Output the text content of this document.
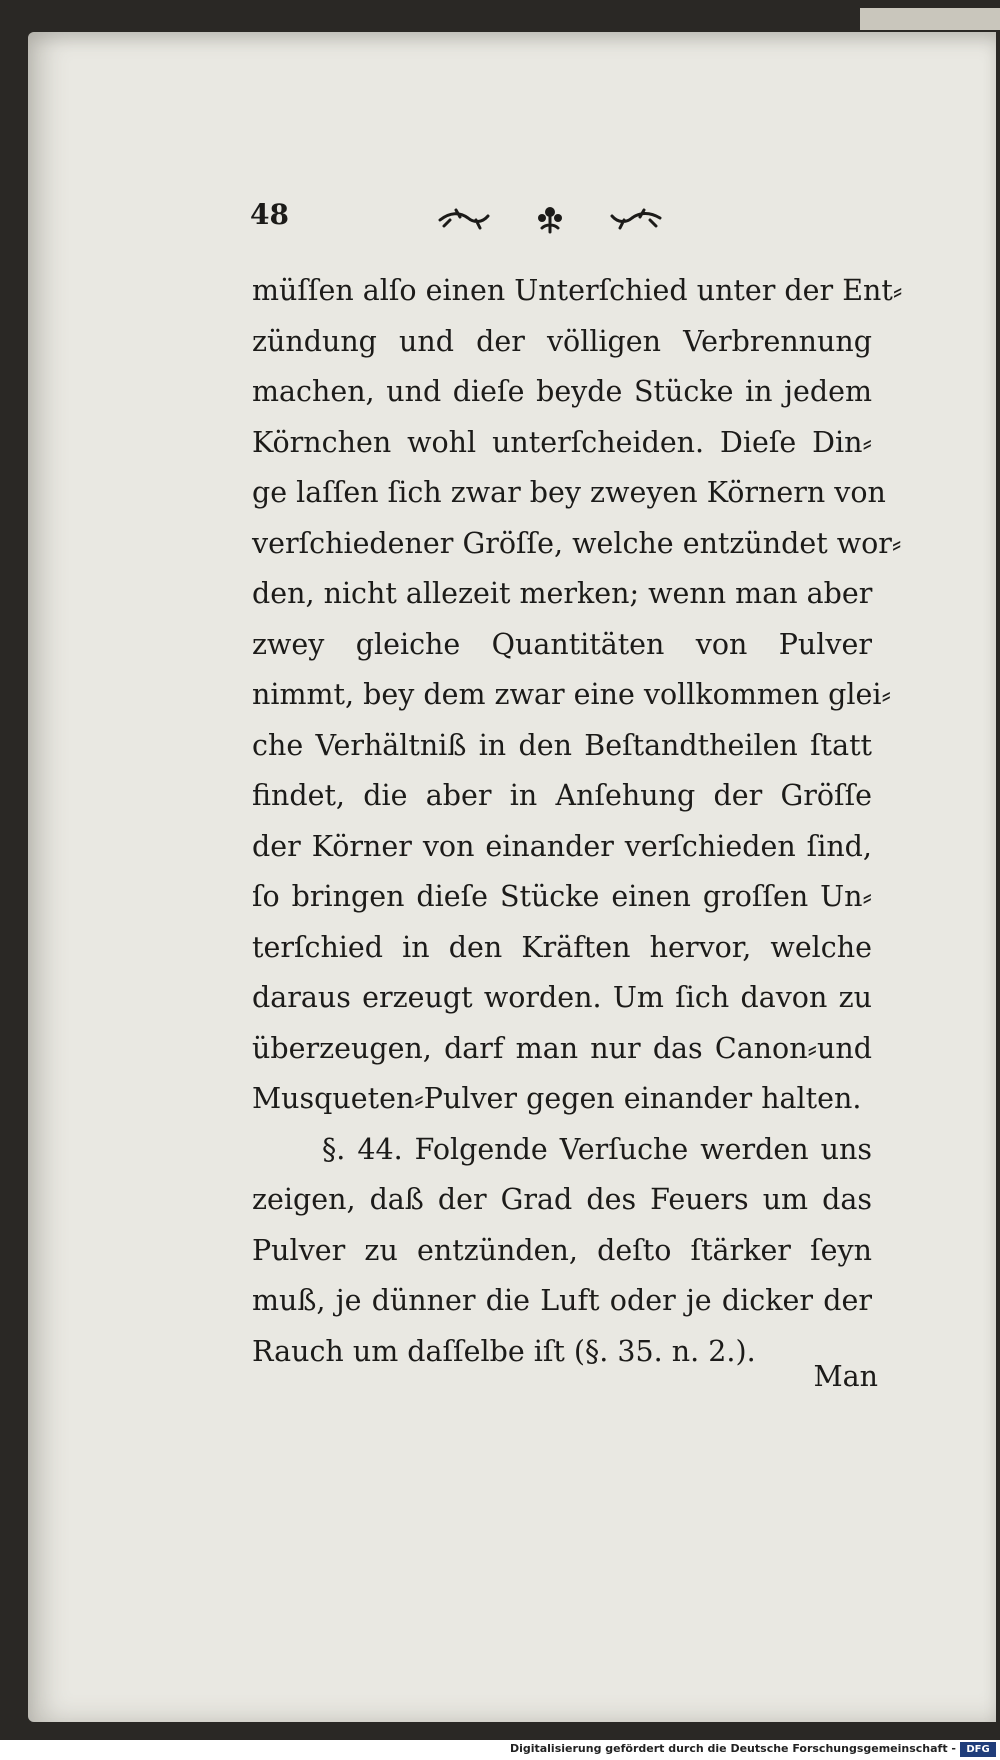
48
müſſen alſo einen Unterſchied unter der Ent⸗
zündung und der völligen Verbrennung
machen, und dieſe beyde Stücke in jedem
Körnchen wohl unterſcheiden. Dieſe Din⸗
ge laſſen ſich zwar bey zweyen Körnern von
verſchiedener Gröſſe, welche entzündet wor⸗
den, nicht allezeit merken; wenn man aber
zwey gleiche Quantitäten von Pulver
nimmt, bey dem zwar eine vollkommen glei⸗
che Verhältniß in den Beſtandtheilen ſtatt
findet, die aber in Anſehung der Gröſſe
der Körner von einander verſchieden ſind,
ſo bringen dieſe Stücke einen groſſen Un⸗
terſchied in den Kräften hervor, welche
daraus erzeugt worden. Um ſich davon zu
überzeugen, darf man nur das Canon⸗und
Musqueten⸗Pulver gegen einander halten.
§. 44. Folgende Verſuche werden uns
zeigen, daß der Grad des Feuers um das
Pulver zu entzünden, deſto ſtärker ſeyn
muß, je dünner die Luft oder je dicker der
Rauch um daſſelbe iſt (§. 35. n. 2.).
Man
Digitalisierung gefördert durch die Deutsche Forschungsgemeinschaft -	DFG
